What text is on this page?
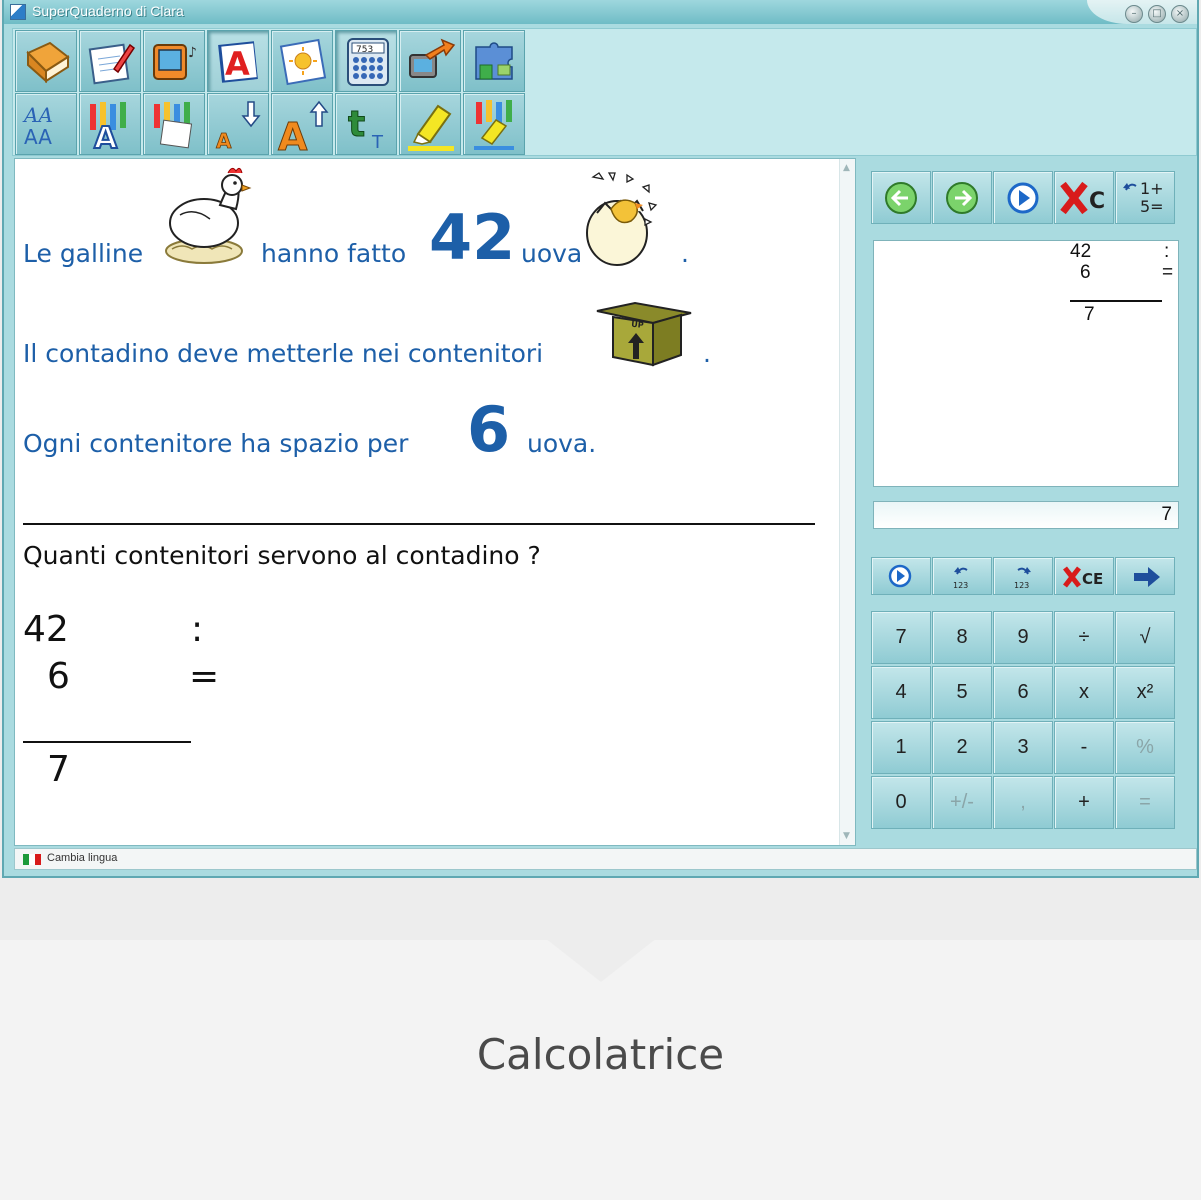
SuperQuaderno di Clara	–	□	×
♪ A	753
AA
AA A	A A t T
▲
▼
Le galline	hanno fatto 42 uova	.
Il contadino deve metterle nei contenitori
UP
.
Ogni contenitore ha spazio per 6 uova.
Quanti contenitori servono al contadino ?
42	:
6	=
7
C
1+
5=
42	:
6	=
7
7
123	123	CE
7 8 9 ÷	√
4 5 6	x x²
1 2 3	- %
0 +/- ,	+ =
Cambia lingua
Calcolatrice
